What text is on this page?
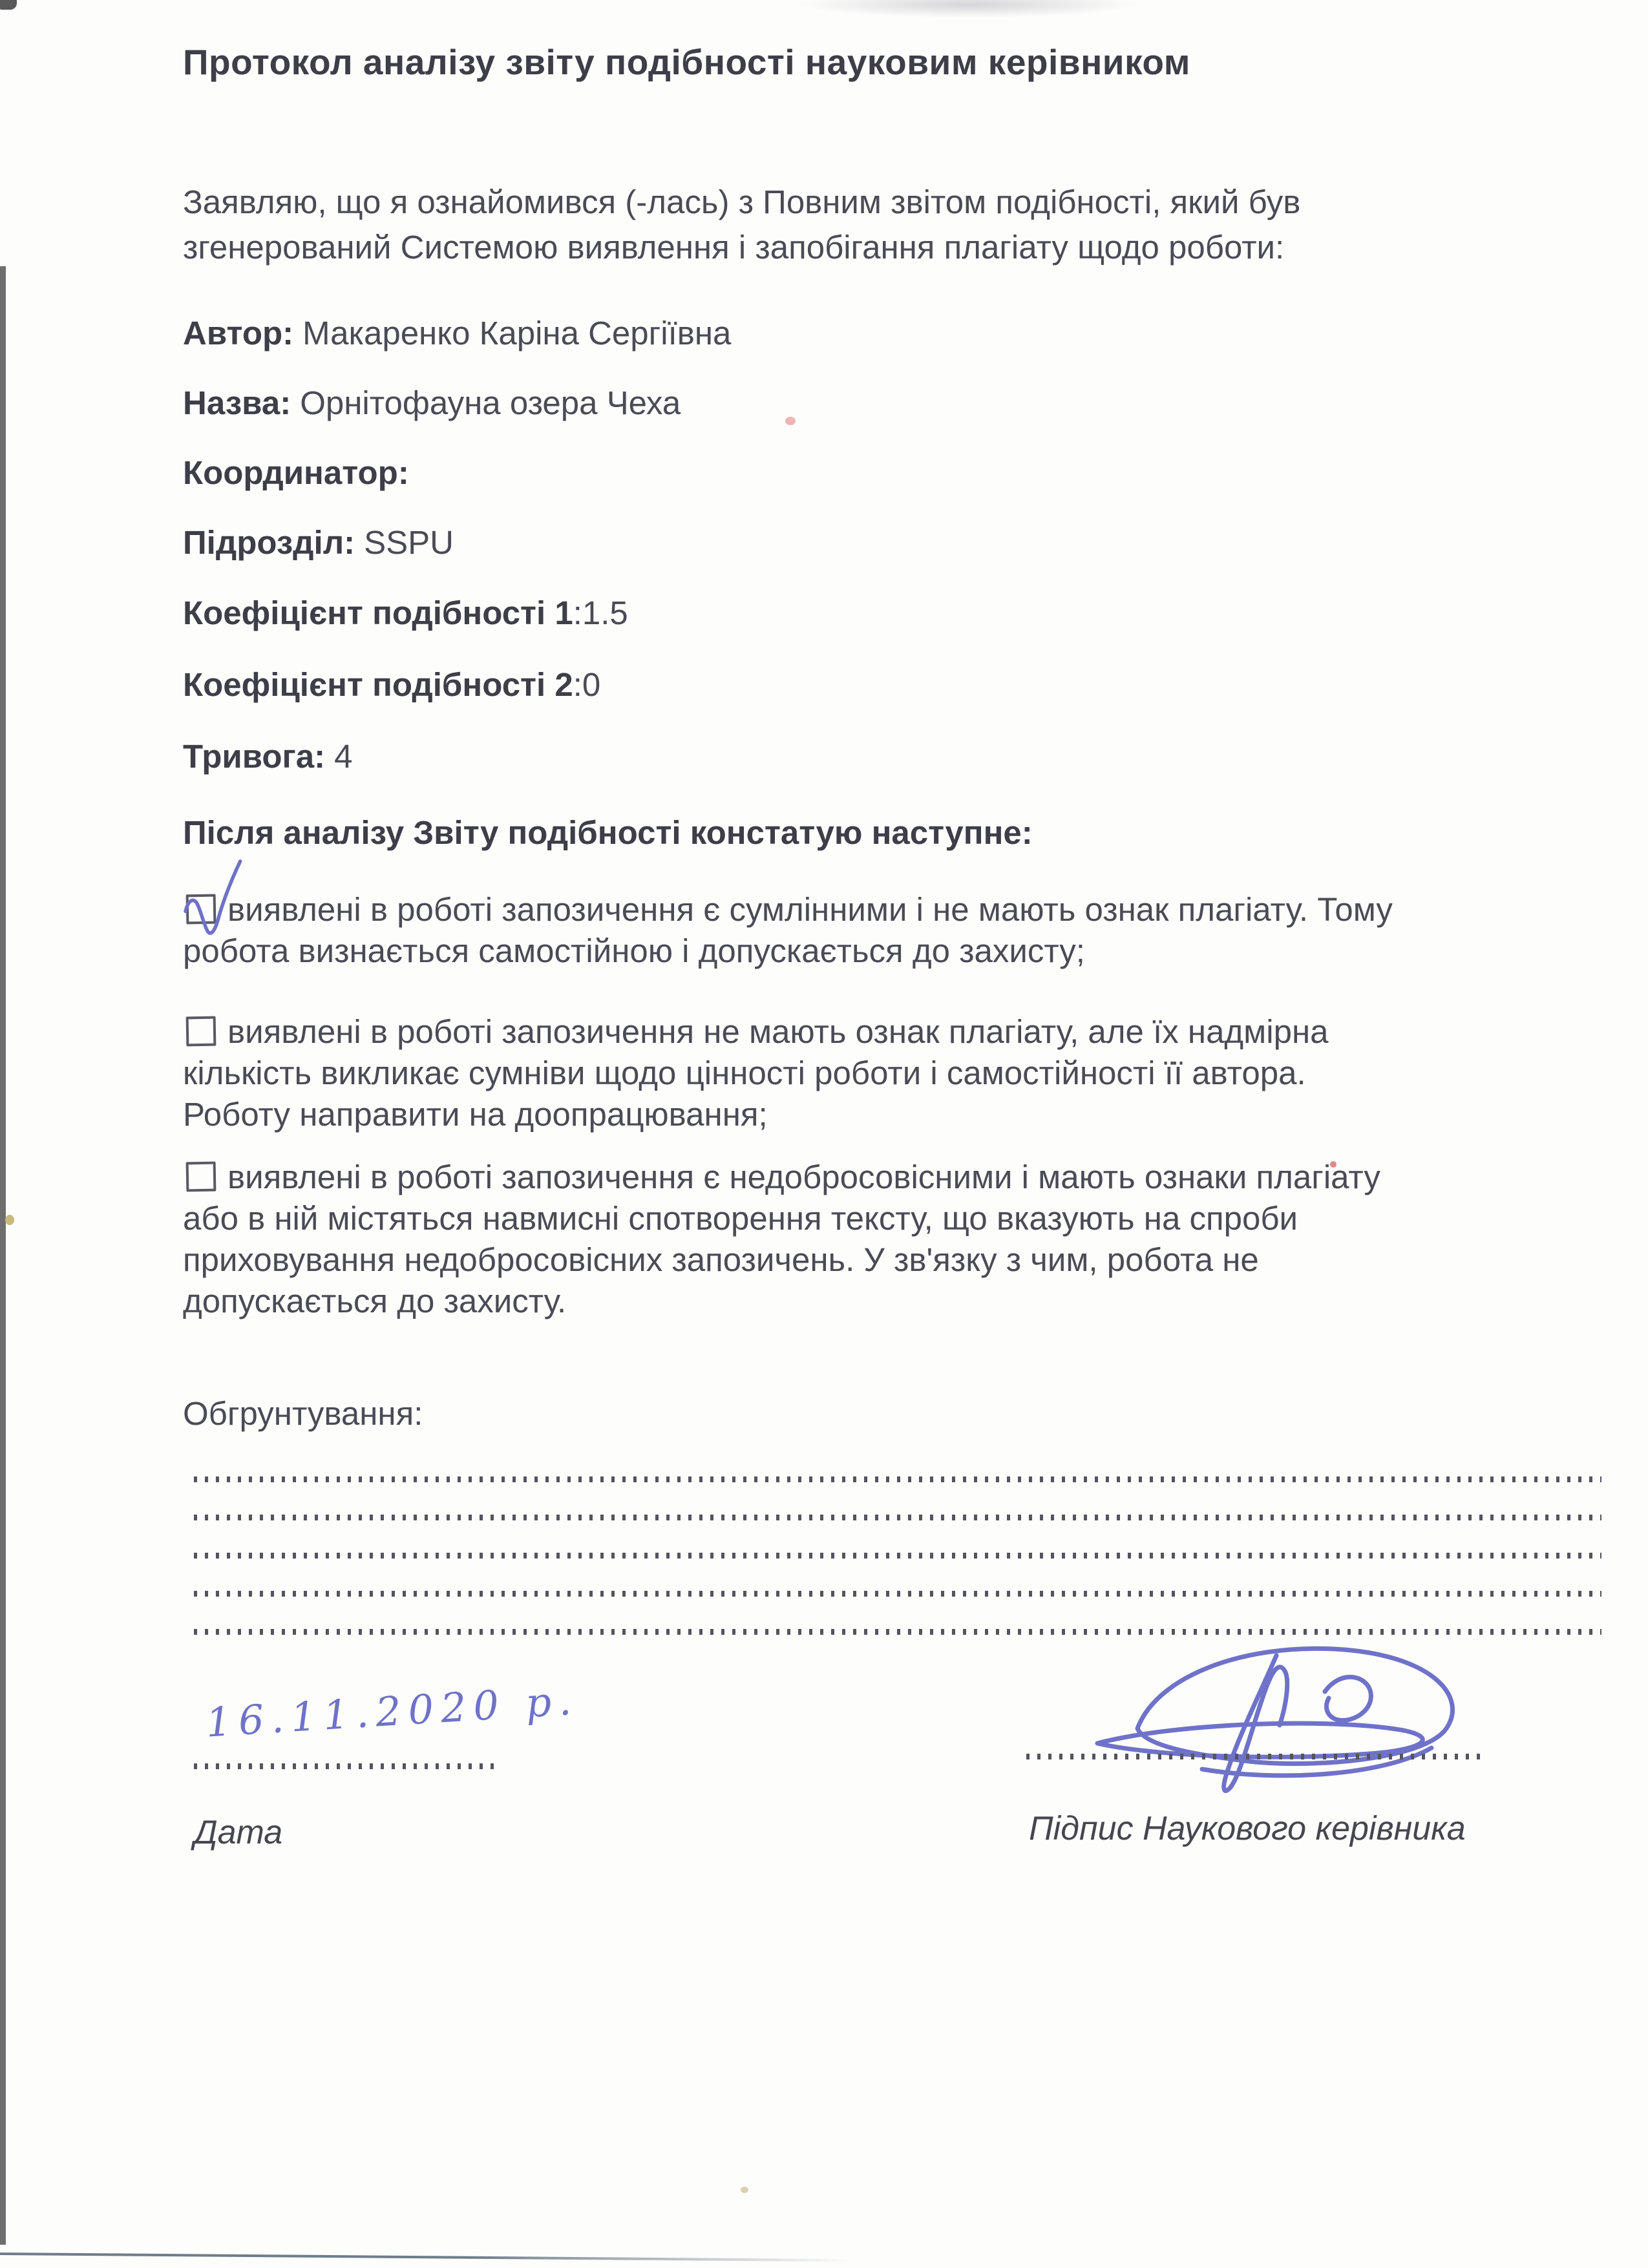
Протокол аналізу звіту подібності науковим керівником
Заявляю, що я ознайомився (-лась) з Повним звітом подібності, який був
згенерований Системою виявлення і запобігання плагіату щодо роботи:
Автор: Макаренко Каріна Сергіївна
Назва: Орнітофауна озера Чеха
Координатор:
Підрозділ: SSPU
Коефіцієнт подібності 1:1.5
Коефіцієнт подібності 2:0
Тривога: 4
Після аналізу Звіту подібності констатую наступне:
виявлені в роботі запозичення є сумлінними і не мають ознак плагіату. Тому
робота визнається самостійною і допускається до захисту;
виявлені в роботі запозичення не мають ознак плагіату, але їх надмірна
кількість викликає сумніви щодо цінності роботи і самостійності її автора.
Роботу направити на доопрацювання;
виявлені в роботі запозичення є недобросовісними і мають ознаки плагіату
або в ній містяться навмисні спотворення тексту, що вказують на спроби
приховування недобросовісних запозичень. У зв'язку з чим, робота не
допускається до захисту.
Обгрунтування:
16.11.2020 р.
Дата	Підпис Наукового керівника
